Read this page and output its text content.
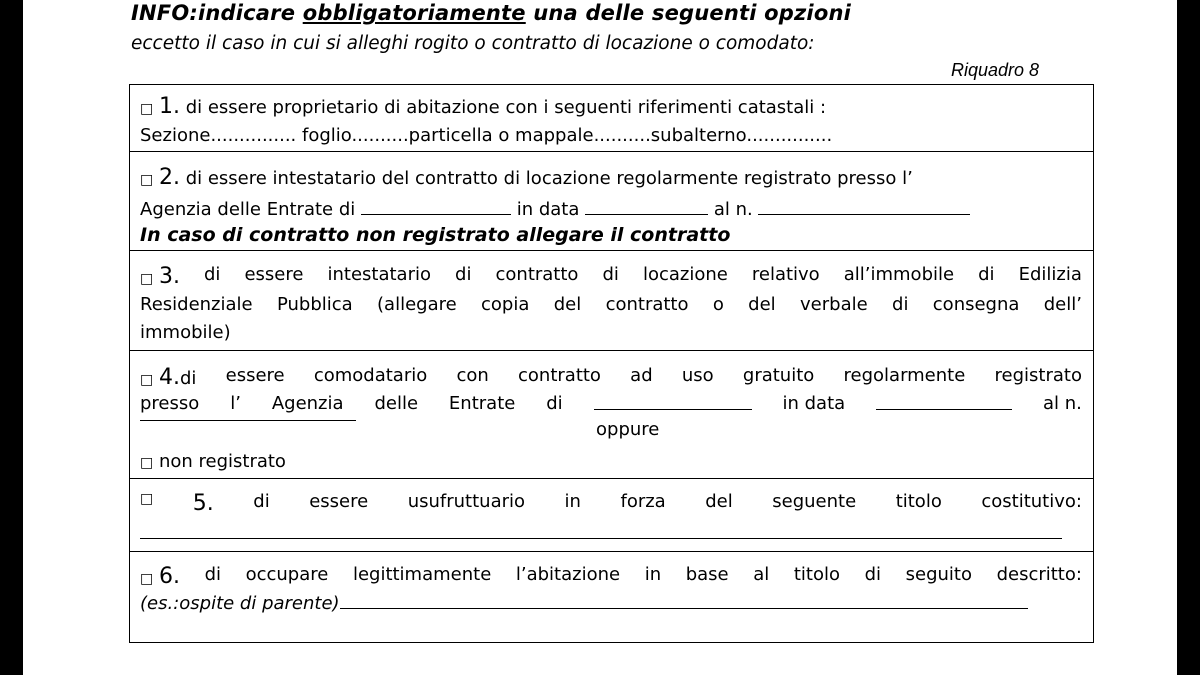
INFO:indicare obbligatoriamente una delle seguenti opzioni
eccetto il caso in cui si alleghi rogito o contratto di locazione o comodato:
Riquadro 8
□ 1. di essere proprietario di abitazione con i seguenti riferimenti catastali :
Sezione............... foglio..........particella o mappale..........subalterno...............
□ 2. di essere intestatario del contratto di locazione regolarmente registrato presso l’
Agenzia delle Entrate di	in data	al n.
In caso di contratto non registrato allegare il contratto
□ 3. di essere intestatario di contratto di locazione relativo all’immobile di Edilizia
Residenziale Pubblica (allegare copia del contratto o del verbale di consegna dell’
immobile)
□ 4.di essere comodatario con contratto ad uso gratuito regolarmente registrato
presso l’ Agenzia delle Entrate di	in data	al n.
oppure
□ non registrato
□ 5. di essere usufruttuario in forza del seguente titolo costitutivo:
□ 6. di occupare legittimamente l’abitazione in base al titolo di seguito descritto:
(es.:ospite di parente)
